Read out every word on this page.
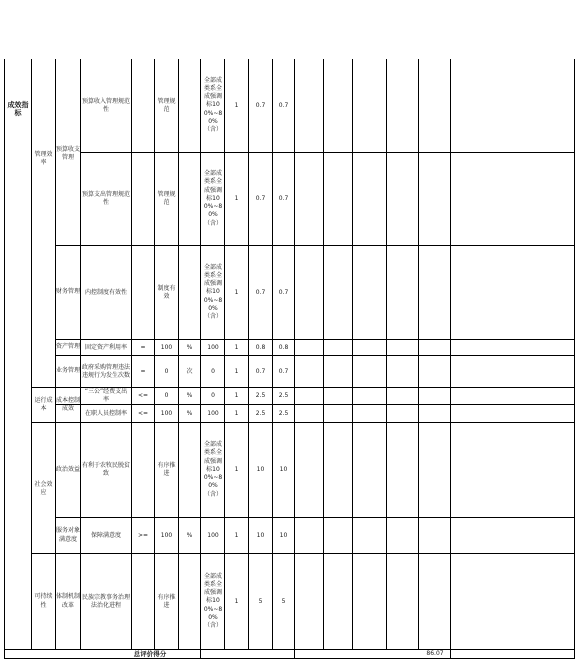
成效指标
管理效率
运行成本
社会效应
可持续性
预算收支管理
财务管理
资产管理
业务管理
成本控制成效
政治效益
服务对象满意度
体制机制改革
预算收入管理规范性
预算支出管理规范性
内控制度有效性
固定资产利用率
政府采购管理违法违规行为发生次数
“三公”经费支出率
在职人员控制率
有利于农牧民脱贫致
保障满意度
民族宗教事务治理法治化进程
=
=
<=
<=
>=
100
0
0
100
100
管理规范
管理规范
制度有效
有序推进
有序推进
%
次
%
%
%
全部成类系全成强调标100%~80%（含）
全部成类系全成强调标100%~80%（含）
全部成类系全成强调标100%~80%（含）
100
0
0
100
全部成类系全成强调标100%~80%（含）
100
全部成类系全成强调标100%~80%（含）
1
1
1
1
1
1
1
1
1
1
0.7
0.7
0.7
0.8
0.7
2.5
2.5
10
10
5
0.7
0.7
0.7
0.8
0.7
2.5
2.5
10
10
5
总评价得分	86.07
